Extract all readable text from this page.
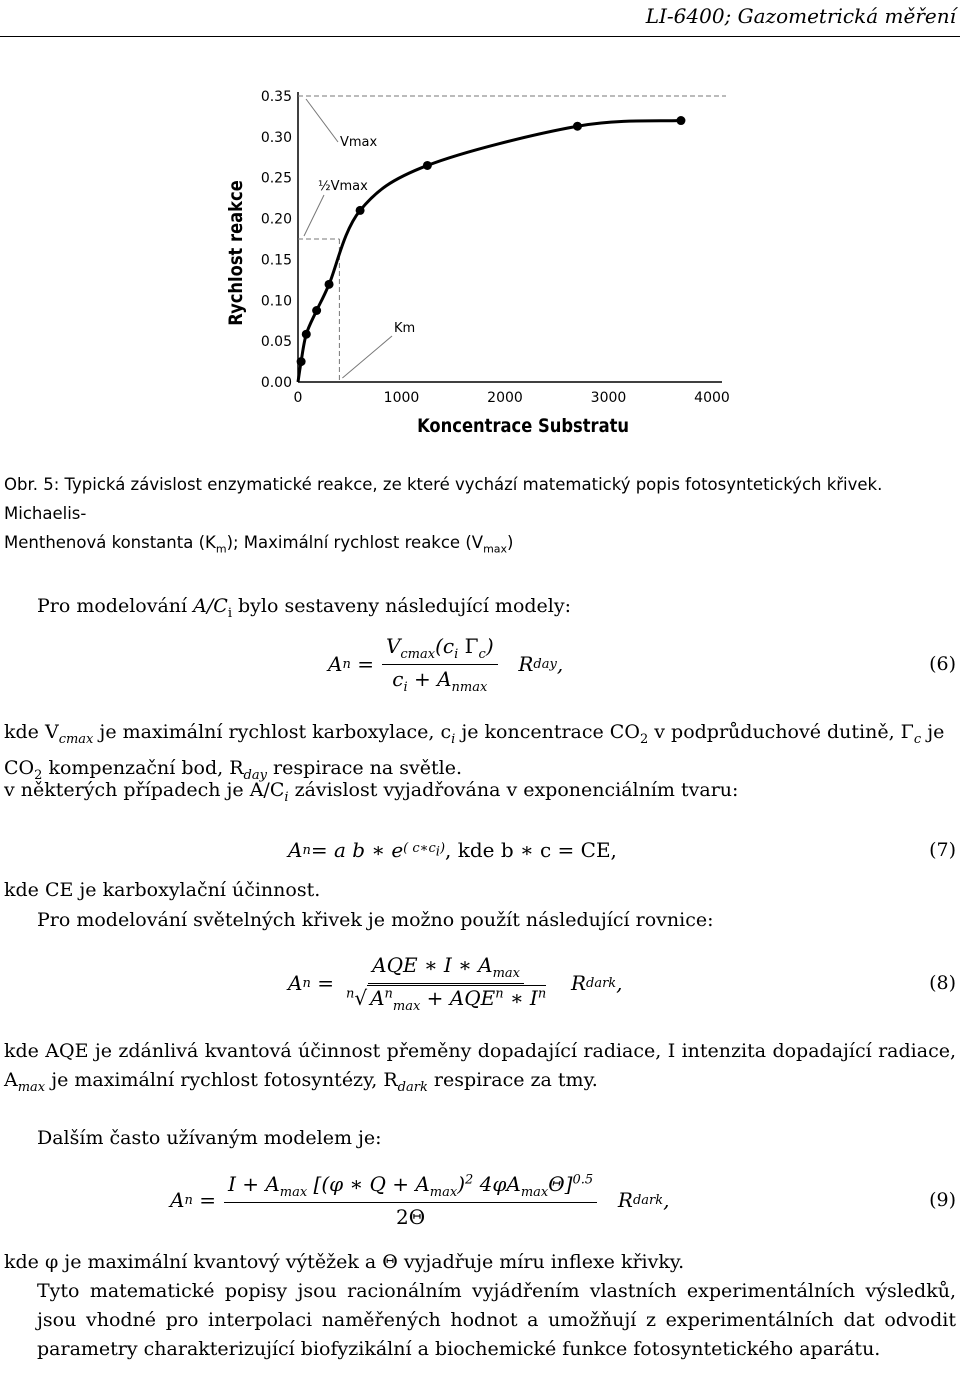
LI-6400; Gazometrická měření
0	1000	2000	3000	4000
0.00
0.05
0.10
0.15
0.20
0.25
0.30
0.35
Koncentrace Substratu
Rychlost reakce
Vmax
½Vmax
Km
Obr. 5: Typická závislost enzymatické reakce, ze které vychází matematický popis fotosyntetických křivek. Michaelis-
Menthenová konstanta $(K_m)$; Maximální rychlost reakce $(V_{max})$
Pro modelování $A/C_i$ bylo sestaveny následující modely:
A n
= $\frac{V_{cmax}(c_i \Gamma_c)}{c_i + A_{nmax}}$
R day ,	(6)
kde $V_{cmax}$ je maximální rychlost karboxylace, $c_i$ je koncentrace $CO_2$ v podprůduchové dutině, $\Gamma_c$ je $CO_2$ kompenzační bod, $R_{day}$ respirace na světle.
v některých případech je $A/C_i$ závislost vyjadřována v exponenciálním tvaru:
A n = a b ∗ e ( $c∗c_i$) , kde b ∗ c = CE,	(7)
kde CE je karboxylační účinnost.
Pro modelování světelných křivek je možno použít následující rovnice:
A n
= $\frac{AQE ∗ I ∗ A_{max}}{^n√ A^n_{max} + AQE^n ∗ I^n}$
R dark ,	(8)
kde AQE je zdánlivá kvantová účinnost přeměny dopadající radiace, I intenzita dopadající radiace, $A_{max}$ je maximální rychlost fotosyntézy, $R_{dark}$ respirace za tmy.
Dalším často užívaným modelem je:
A n
= $\frac{I + A_{max} [(\varphi ∗ Q + A_{max})^2 4\varphi A_{max}\Theta]^{0.5}}{2\Theta}$
R dark ,	(9)
kde φ je maximální kvantový výtěžek a Θ vyjadřuje míru inflexe křivky.
Tyto matematické popisy jsou racionálním vyjádřením vlastních experimentálních výsledků, jsou vhodné pro interpolaci naměřených hodnot a umožňují z experimentálních dat odvodit parametry charakterizující biofyzikální a biochemické funkce fotosyntetického aparátu.
